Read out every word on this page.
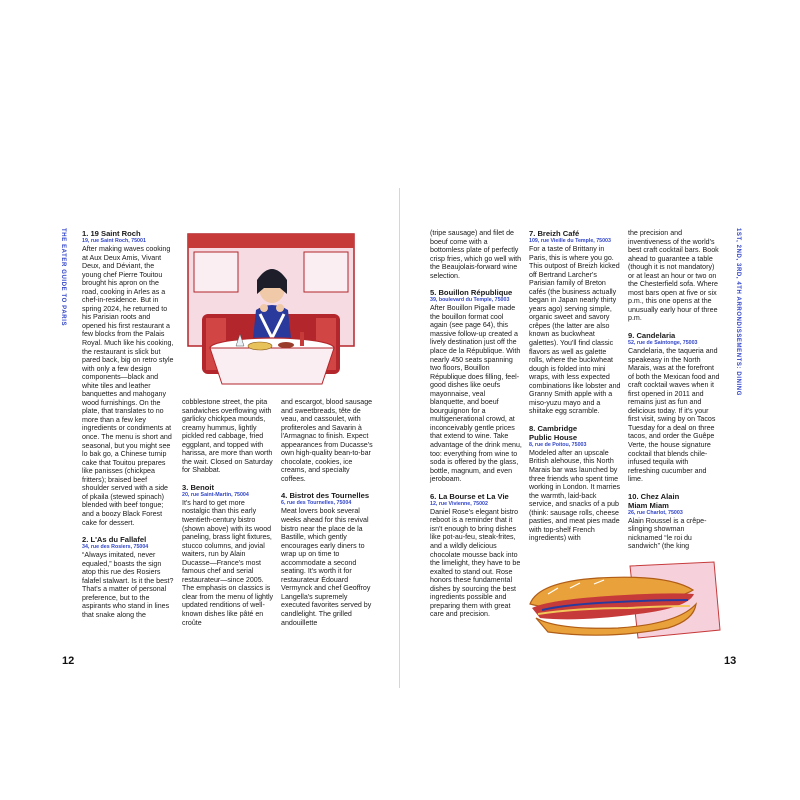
THE EATER GUIDE TO PARIS	1ST, 2ND, 3RD, 4TH ARRONDISSEMENTS: DINING
1. 19 Saint Roch
19, rue Saint Roch, 75001
After making waves cooking at Aux Deux Amis, Vivant Deux, and Déviant, the young chef Pierre Touitou brought his apron on the road, cooking in Arles as a chef-in-residence. But in spring 2024, he returned to his Parisian roots and opened his first restaurant a few blocks from the Palais Royal. Much like his cooking, the restaurant is slick but pared back, big on retro style with only a few design components—black and white tiles and leather banquettes and mahogany wood furnishings. On the plate, that translates to no more than a few key ingredients or condiments at once. The menu is short and seasonal, but you might see lo bak go, a Chinese turnip cake that Touitou prepares like panisses (chickpea fritters); braised beef shoulder served with a side of pkaila (stewed spinach) blended with beef tongue; and a boozy Black Forest cake for dessert.
2. L'As du Fallafel
34, rue des Rosiers, 75004
“Always imitated, never equaled,” boasts the sign atop this rue des Rosiers falafel stalwart. Is it the best? That's a matter of personal preference, but to the aspirants who stand in lines that snake along the
cobblestone street, the pita sandwiches overflowing with garlicky chickpea mounds, creamy hummus, lightly pickled red cabbage, fried eggplant, and topped with harissa, are more than worth the wait. Closed on Saturday for Shabbat.
3. Benoit
20, rue Saint-Martin, 75004
It's hard to get more nostalgic than this early twentieth-century bistro (shown above) with its wood paneling, brass light fixtures, stucco columns, and jovial waiters, run by Alain Ducasse—France's most famous chef and serial restaurateur—since 2005. The emphasis on classics is clear from the menu of lightly updated renditions of well-known dishes like pâté en croûte
and escargot, blood sausage and sweetbreads, tête de veau, and cassoulet, with profiteroles and Savarin à l'Armagnac to finish. Expect appearances from Ducasse's own high-quality bean-to-bar chocolate, cookies, ice creams, and specialty coffees.
4. Bistrot des Tournelles
6, rue des Tournelles, 75004
Meat lovers book several weeks ahead for this revival bistro near the place de la Bastille, which gently encourages early diners to wrap up on time to accommodate a second seating. It's worth it for restaurateur Édouard Vermynck and chef Geoffroy Langella's supremely executed favorites served by candlelight. The grilled andouillette
12
(tripe sausage) and filet de boeuf come with a bottomless plate of perfectly crisp fries, which go well with the Beaujolais-forward wine selection.
5. Bouillon République
39, boulevard du Temple, 75003
After Bouillon Pigalle made the bouillon format cool again (see page 64), this massive follow-up created a lively destination just off the place de la République. With nearly 450 seats spanning two floors, Bouillon République does filling, feel-good dishes like oeufs mayonnaise, veal blanquette, and boeuf bourguignon for a multigenerational crowd, at inconceivably gentle prices that extend to wine. Take advantage of the drink menu, too: everything from wine to soda is offered by the glass, bottle, magnum, and even jeroboam.
6. La Bourse et La Vie
12, rue Vivienne, 75002
Daniel Rose's elegant bistro reboot is a reminder that it isn't enough to bring dishes like pot-au-feu, steak-frites, and a wildly delicious chocolate mousse back into the limelight, they have to be exalted to stand out. Rose honors these fundamental dishes by sourcing the best ingredients possible and preparing them with great care and precision.
7. Breizh Café
109, rue Vieille du Temple, 75003
For a taste of Brittany in Paris, this is where you go. This outpost of Breizh kicked off Bertrand Larcher's Parisian family of Breton cafés (the business actually began in Japan nearly thirty years ago) serving simple, organic sweet and savory crêpes (the latter are also known as buckwheat galettes). You'll find classic flavors as well as galette rolls, where the buckwheat dough is folded into mini wraps, with less expected combinations like lobster and Granny Smith apple with a miso-yuzu mayo and a shiitake egg scramble.
8. Cambridge Public House
8, rue de Poitou, 75003
Modeled after an upscale British alehouse, this North Marais bar was launched by three friends who spent time working in London. It marries the warmth, laid-back service, and snacks of a pub (think: sausage rolls, cheese pasties, and meat pies made with top-shelf French ingredients) with
the precision and inventiveness of the world's best craft cocktail bars. Book ahead to guarantee a table (though it is not mandatory) or at least an hour or two on the Chesterfield sofa. Where most bars open at five or six p.m., this one opens at the unusually early hour of three p.m.
9. Candelaria
52, rue de Saintonge, 75003
Candelaria, the taqueria and speakeasy in the North Marais, was at the forefront of both the Mexican food and craft cocktail waves when it first opened in 2011 and remains just as fun and delicious today. If it's your first visit, swing by on Tacos Tuesday for a deal on three tacos, and order the Guêpe Verte, the house signature cocktail that blends chile-infused tequila with refreshing cucumber and lime.
10. Chez Alain Miam Miam
26, rue Charlot, 75003
Alain Roussel is a crêpe-slinging showman nicknamed “le roi du sandwich” (the king
13
